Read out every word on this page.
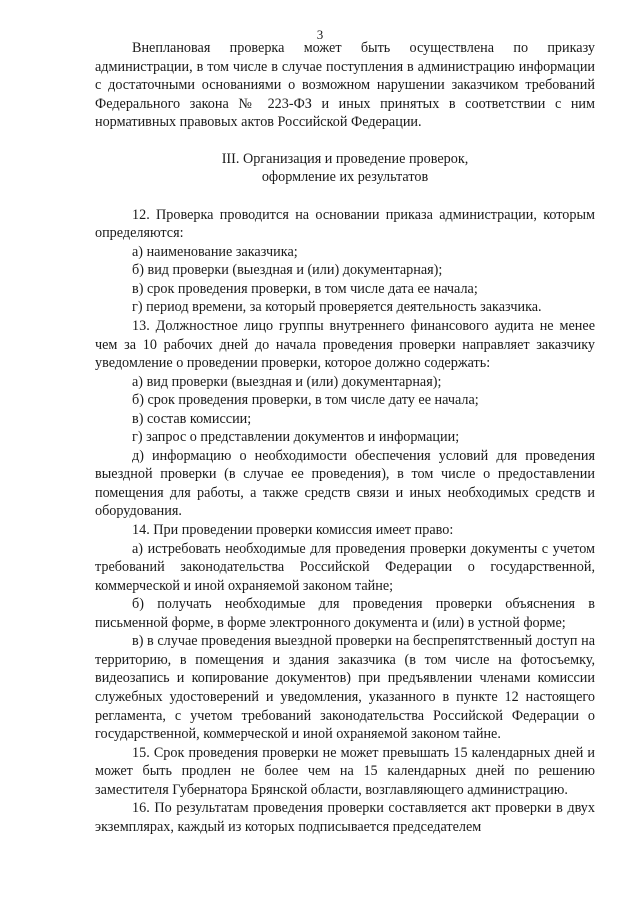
3

Внеплановая проверка может быть осуществлена по приказу администрации, в том числе в случае поступления в администрацию информации с достаточными основаниями о возможном нарушении заказчиком требований Федерального закона № 223-ФЗ и иных принятых в соответствии с ним нормативных правовых актов Российской Федерации.

III. Организация и проведение проверок,
оформление их результатов

12. Проверка проводится на основании приказа администрации, которым определяются:

а) наименование заказчика;

б) вид проверки (выездная и (или) документарная);

в) срок проведения проверки, в том числе дата ее начала;

г) период времени, за который проверяется деятельность заказчика.

13. Должностное лицо группы внутреннего финансового аудита не менее чем за 10 рабочих дней до начала проведения проверки направляет заказчику уведомление о проведении проверки, которое должно содержать:

а) вид проверки (выездная и (или) документарная);

б) срок проведения проверки, в том числе дату ее начала;

в) состав комиссии;

г) запрос о представлении документов и информации;

д) информацию о необходимости обеспечения условий для проведения выездной проверки (в случае ее проведения), в том числе о предоставлении помещения для работы, а также средств связи и иных необходимых средств и оборудования.

14. При проведении проверки комиссия имеет право:

а) истребовать необходимые для проведения проверки документы с учетом требований законодательства Российской Федерации о государственной, коммерческой и иной охраняемой законом тайне;

б) получать необходимые для проведения проверки объяснения в письменной форме, в форме электронного документа и (или) в устной форме;

в) в случае проведения выездной проверки на беспрепятственный доступ на территорию, в помещения и здания заказчика (в том числе на фотосъемку, видеозапись и копирование документов) при предъявлении членами комиссии служебных удостоверений и уведомления, указанного в пункте 12 настоящего регламента, с учетом требований законодательства Российской Федерации о государственной, коммерческой и иной охраняемой законом тайне.

15. Срок проведения проверки не может превышать 15 календарных дней и может быть продлен не более чем на 15 календарных дней по решению заместителя Губернатора Брянской области, возглавляющего администрацию.

16. По результатам проведения проверки составляется акт проверки в двух экземплярах, каждый из которых подписывается председателем
